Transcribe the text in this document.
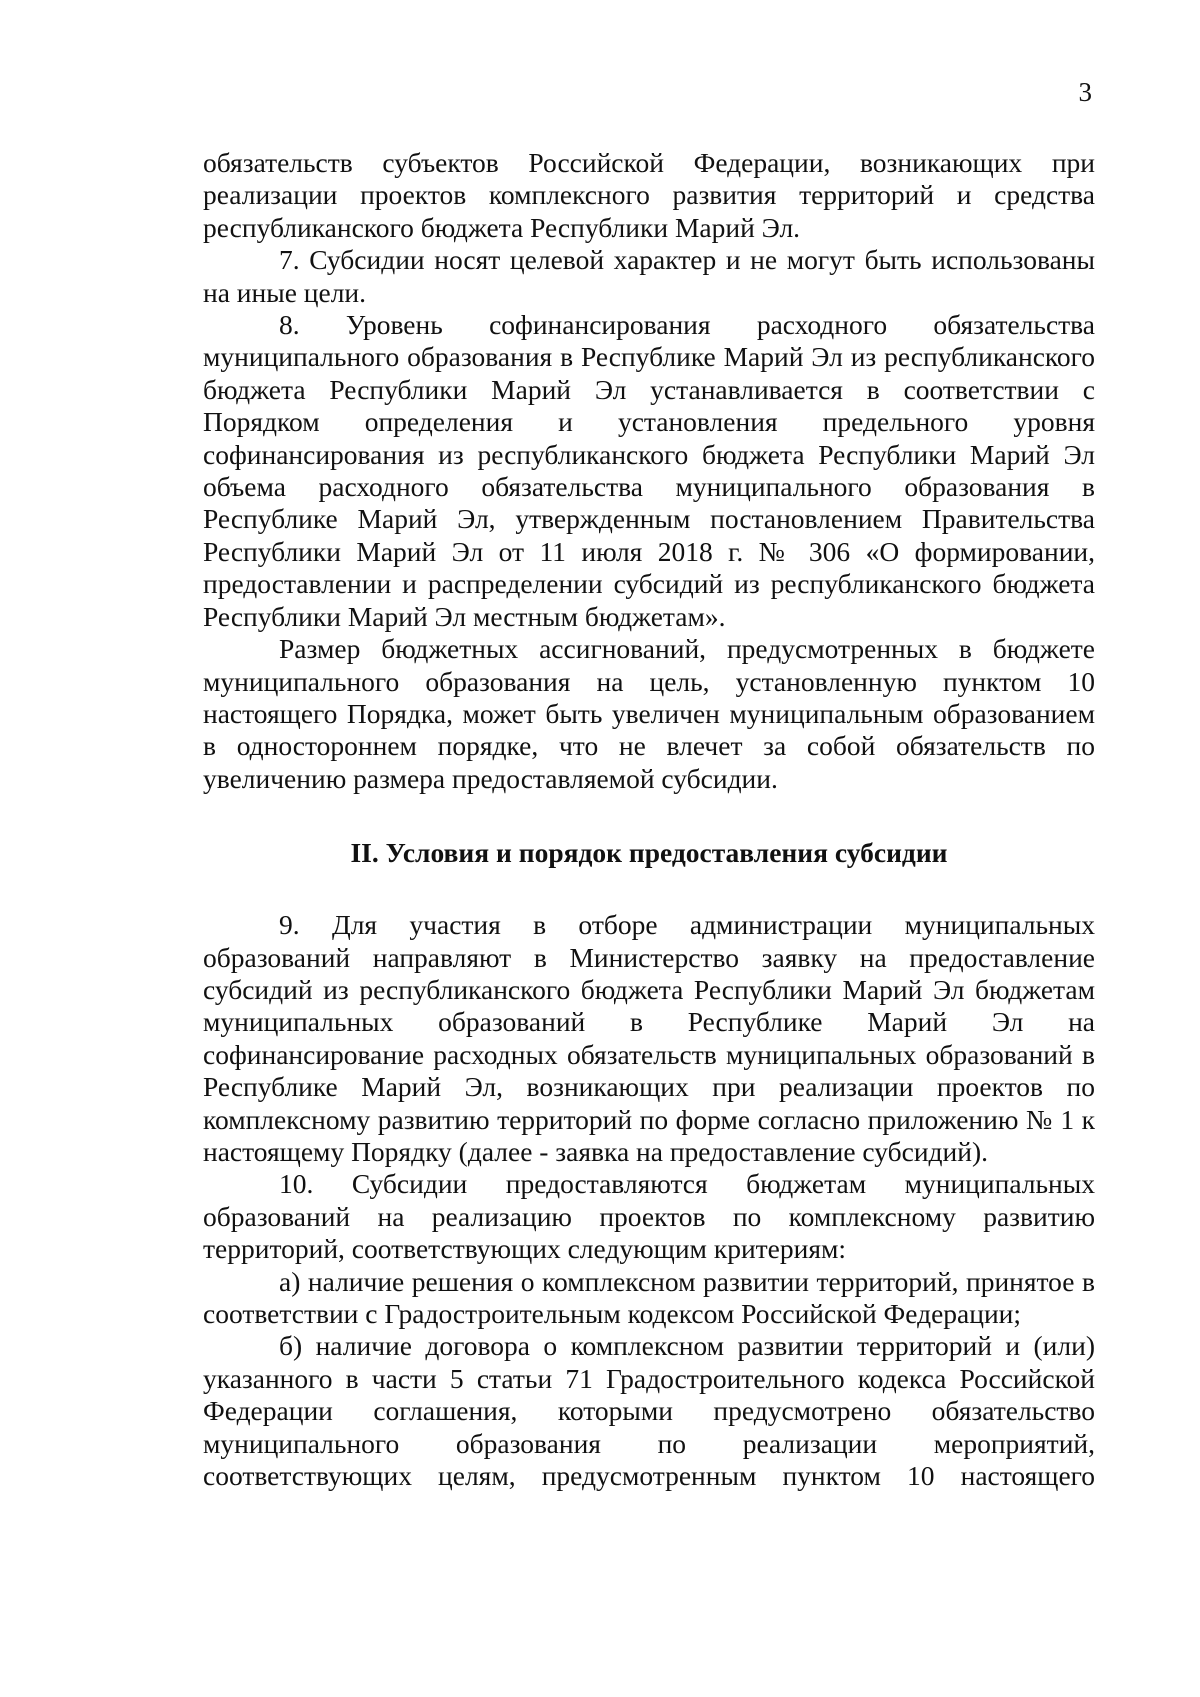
3

обязательств субъектов Российской Федерации, возникающих при реализации проектов комплексного развития территорий и средства республиканского бюджета Республики Марий Эл.

7. Субсидии носят целевой характер и не могут быть использованы на иные цели.

8. Уровень софинансирования расходного обязательства муниципального образования в Республике Марий Эл из республиканского бюджета Республики Марий Эл устанавливается в соответствии с Порядком определения и установления предельного уровня софинансирования из республиканского бюджета Республики Марий Эл объема расходного обязательства муниципального образования в Республике Марий Эл, утвержденным постановлением Правительства Республики Марий Эл от 11 июля 2018 г. № 306 «О формировании, предоставлении и распределении субсидий из республиканского бюджета Республики Марий Эл местным бюджетам».

Размер бюджетных ассигнований, предусмотренных в бюджете муниципального образования на цель, установленную пунктом 10 настоящего Порядка, может быть увеличен муниципальным образованием в одностороннем порядке, что не влечет за собой обязательств по увеличению размера предоставляемой субсидии.

II. Условия и порядок предоставления субсидии

9. Для участия в отборе администрации муниципальных образований направляют в Министерство заявку на предоставление субсидий из республиканского бюджета Республики Марий Эл бюджетам муниципальных образований в Республике Марий Эл на софинансирование расходных обязательств муниципальных образований в Республике Марий Эл, возникающих при реализации проектов по комплексному развитию территорий по форме согласно приложению № 1 к настоящему Порядку (далее - заявка на предоставление субсидий).

10. Субсидии предоставляются бюджетам муниципальных образований на реализацию проектов по комплексному развитию территорий, соответствующих следующим критериям:

а) наличие решения о комплексном развитии территорий, принятое в соответствии с Градостроительным кодексом Российской Федерации;

б) наличие договора о комплексном развитии территорий и (или) указанного в части 5 статьи 71 Градостроительного кодекса Российской Федерации соглашения, которыми предусмотрено обязательство муниципального образования по реализации мероприятий, соответствующих целям, предусмотренным пунктом 10 настоящего
